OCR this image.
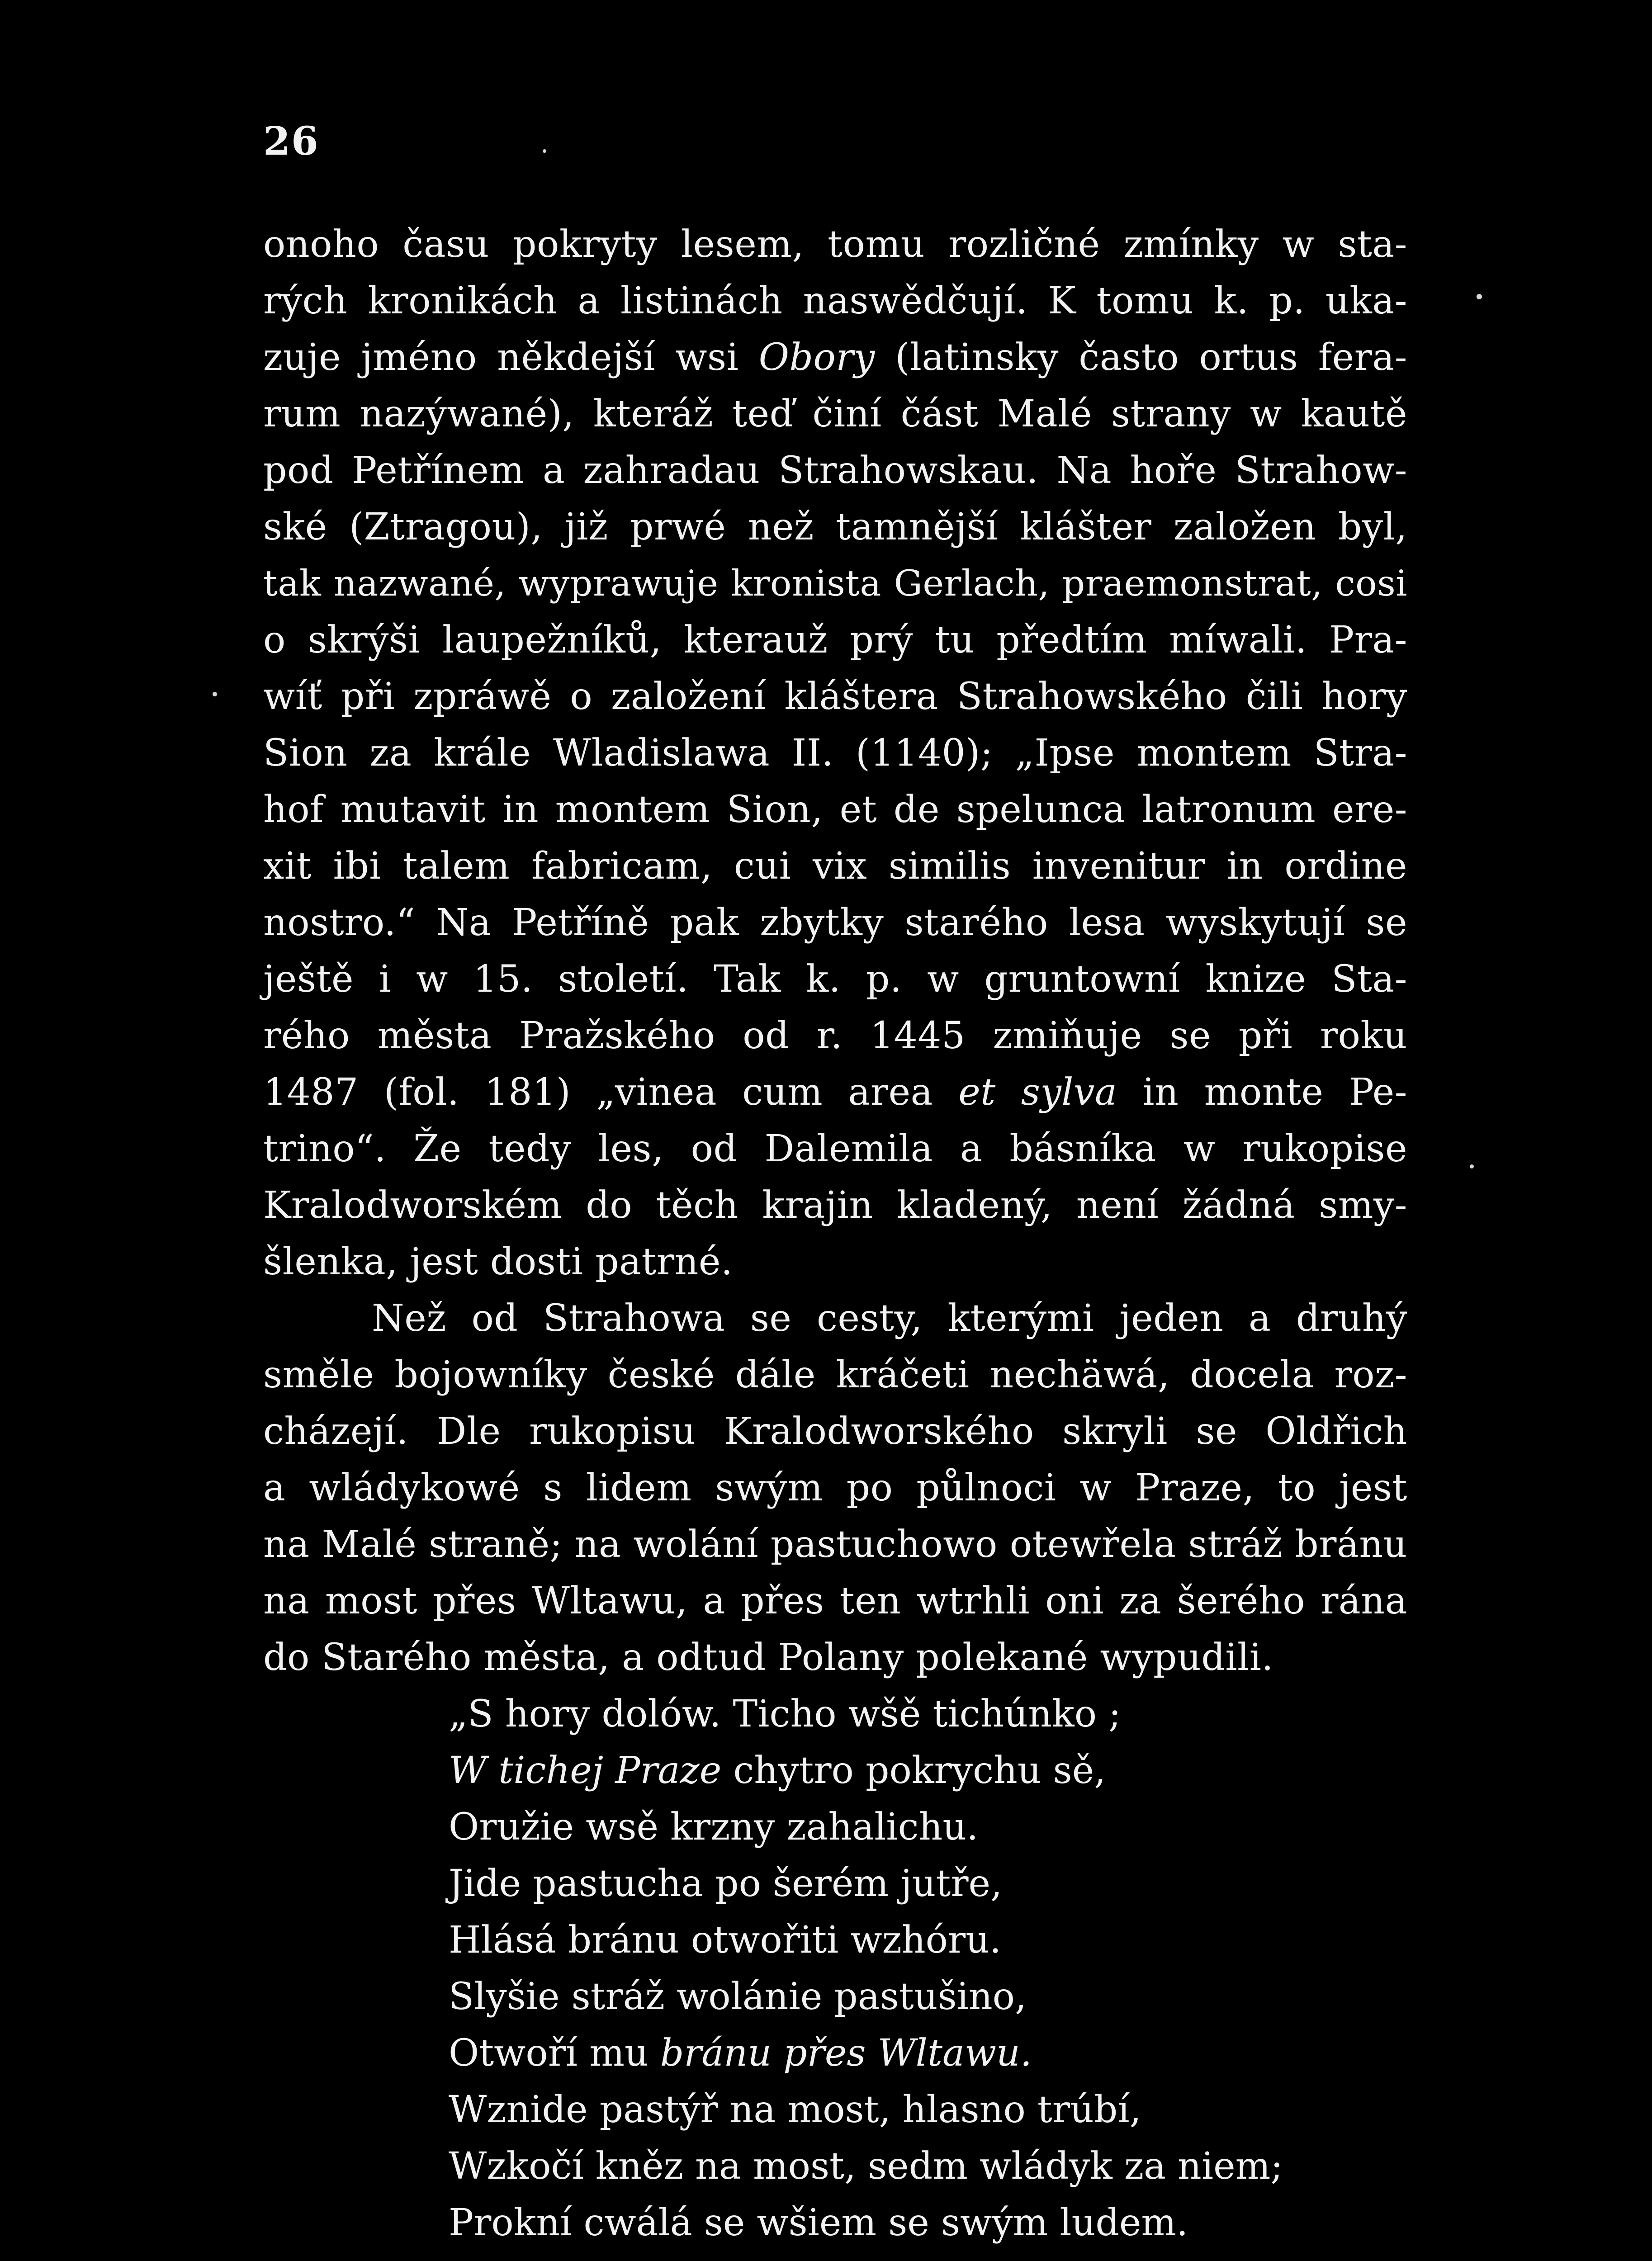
26
onoho času pokryty lesem, tomu rozličné zmínky w sta-
rých kronikách a listinách naswědčují. K tomu k. p. uka-
zuje jméno někdejší wsi Obory (latinsky často ortus fera-
rum nazýwané), kteráž teď činí část Malé strany w kautě
pod Petřínem a zahradau Strahowskau. Na hoře Strahow-
ské (Ztragou), již prwé než tamnější klášter založen byl,
tak nazwané, wyprawuje kronista Gerlach, praemonstrat, cosi
o skrýši laupežníků, kterauž prý tu předtím míwali. Pra-
wíť při zpráwě o založení kláštera Strahowského čili hory
Sion za krále Wladislawa II. (1140); „Ipse montem Stra-
hof mutavit in montem Sion, et de spelunca latronum ere-
xit ibi talem fabricam, cui vix similis invenitur in ordine
nostro.“ Na Petříně pak zbytky starého lesa wyskytují se
ještě i w 15. století. Tak k. p. w gruntowní knize Sta-
rého města Pražského od r. 1445 zmiňuje se při roku
1487 (fol. 181) „vinea cum area et sylva in monte Pe-
trino“. Že tedy les, od Dalemila a básníka w rukopise
Kralodworském do těch krajin kladený, není žádná smy-
šlenka, jest dosti patrné.
Než od Strahowa se cesty, kterými jeden a druhý
směle bojowníky české dále kráčeti nechäwá, docela roz-
cházejí. Dle rukopisu Kralodworského skryli se Oldřich
a wládykowé s lidem swým po půlnoci w Praze, to jest
na Malé straně; na wolání pastuchowo otewřela stráž bránu
na most přes Wltawu, a přes ten wtrhli oni za šerého rána
do Starého města, a odtud Polany polekané wypudili.
„S hory dolów. Ticho wšě tichúnko ;
W tichej Praze chytro pokrychu sě,
Oružie wsě krzny zahalichu.
Jide pastucha po šerém jutře,
Hlásá bránu otwořiti wzhóru.
Slyšie stráž wolánie pastušino,
Otwoří mu bránu přes Wltawu.
Wznide pastýř na most, hlasno trúbí,
Wzkočí kněz na most, sedm wládyk za niem;
Prokní cwálá se wšiem se swým ludem.
